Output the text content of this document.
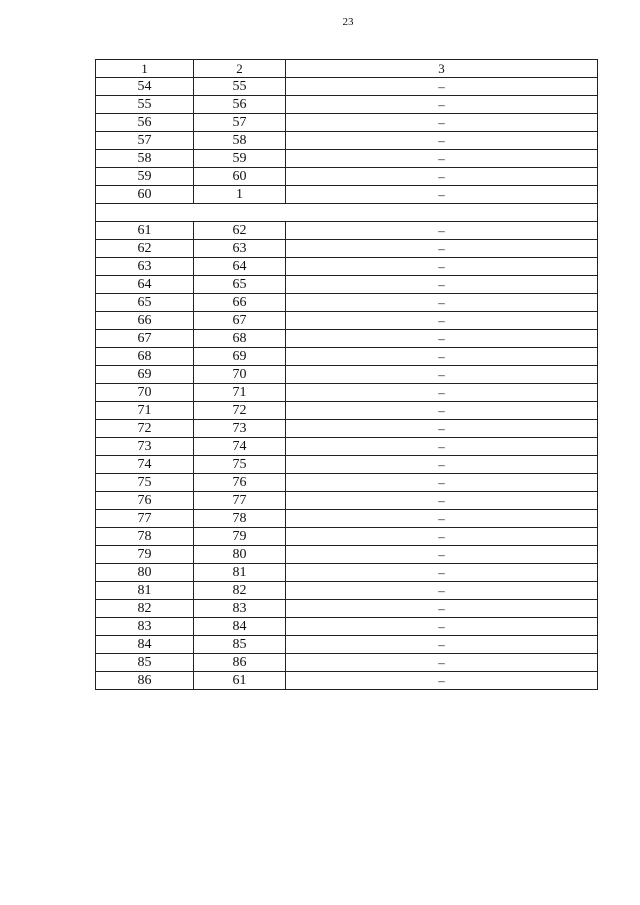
23
1	2	3
54	55	–
55	56	–
56	57	–
57	58	–
58	59	–
59	60	–
60	1	–

61	62	–
62	63	–
63	64	–
64	65	–
65	66	–
66	67	–
67	68	–
68	69	–
69	70	–
70	71	–
71	72	–
72	73	–
73	74	–
74	75	–
75	76	–
76	77	–
77	78	–
78	79	–
79	80	–
80	81	–
81	82	–
82	83	–
83	84	–
84	85	–
85	86	–
86	61	–
